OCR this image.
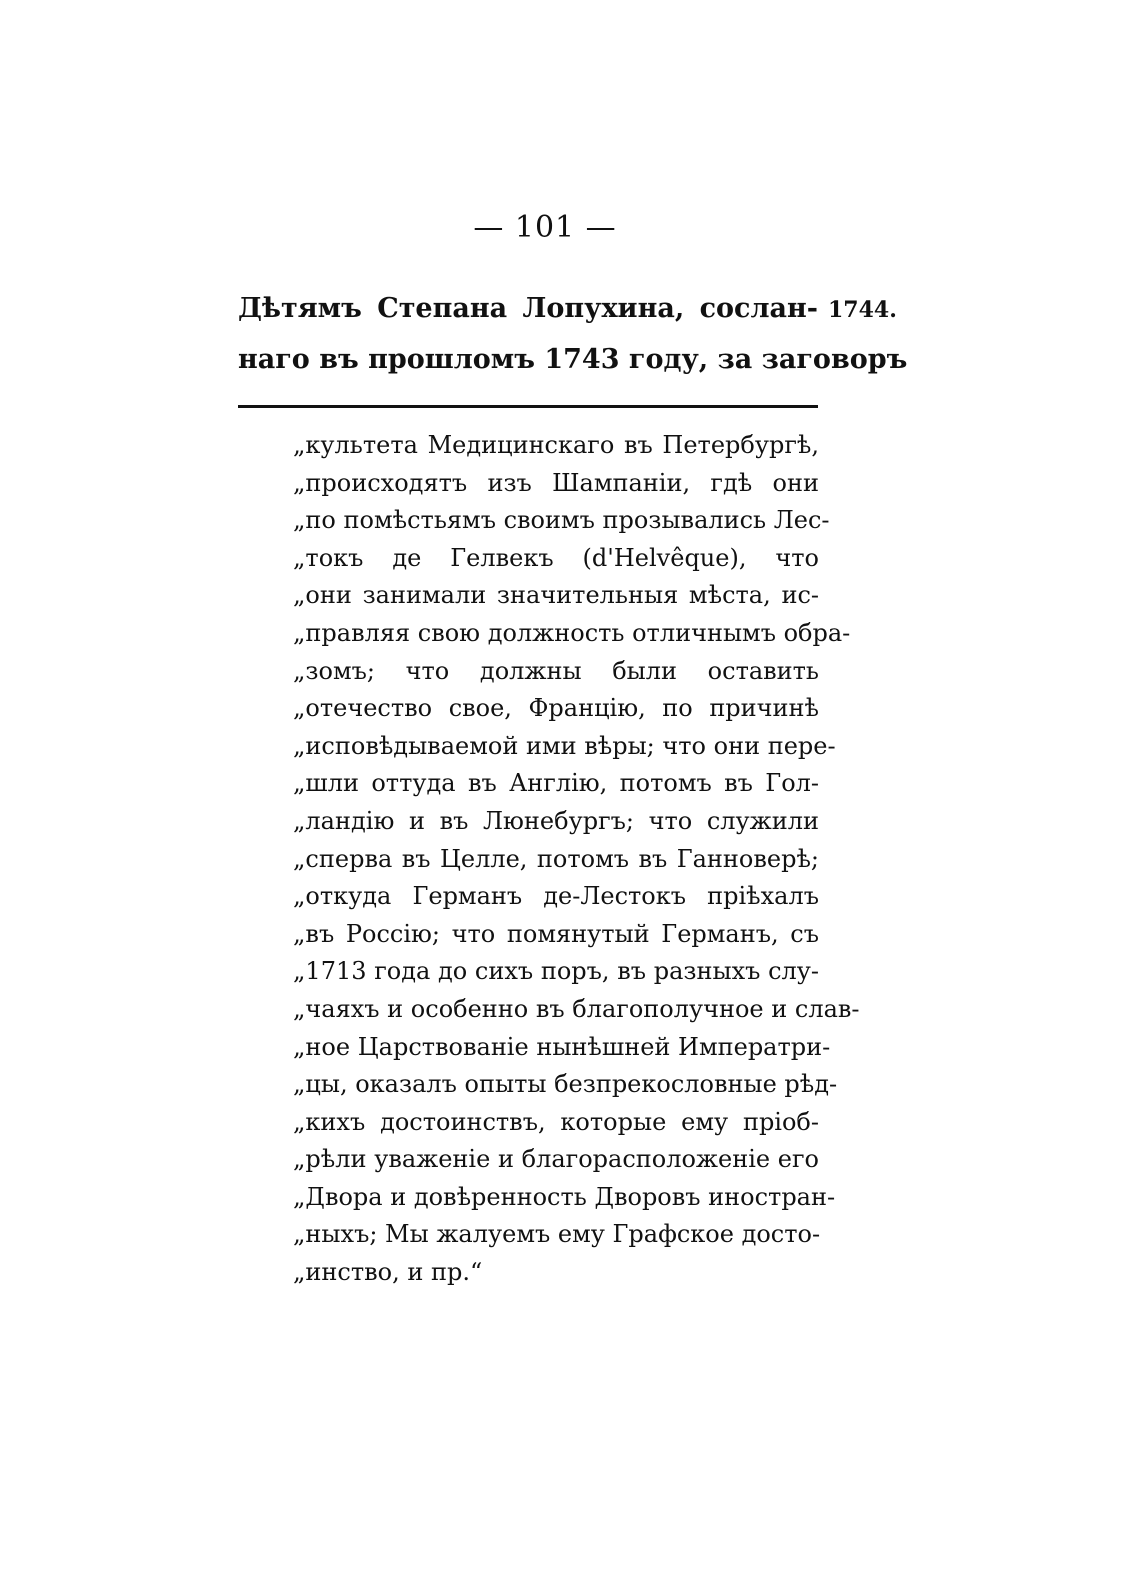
— 101 —
Дѣтямъ Степана Лопухина, сослан-
наго въ прошломъ 1743 году, за заговоръ
1744.
„культета Медицинскаго въ Петербургѣ,
„происходятъ изъ Шампаніи, гдѣ они
„по помѣстьямъ своимъ прозывались Лес-
„токъ де Гелвекъ (d'Helvêque), что
„они занимали значительныя мѣста, ис-
„правляя свою должность отличнымъ обра-
„зомъ; что должны были оставить
„отечество свое, Францію, по причинѣ
„исповѣдываемой ими вѣры; что они пере-
„шли оттуда въ Англію, потомъ въ Гол-
„ландію и въ Люнебургъ; что служили
„сперва въ Целле, потомъ въ Ганноверѣ;
„откуда Германъ де-Лестокъ пріѣхалъ
„въ Россію; что помянутый Германъ, съ
„1713 года до сихъ поръ, въ разныхъ слу-
„чаяхъ и особенно въ благополучное и слав-
„ное Царствованіе нынѣшней Императри-
„цы, оказалъ опыты безпрекословные рѣд-
„кихъ достоинствъ, которые ему пріоб-
„рѣли уваженіе и благорасположеніе его
„Двора и довѣренность Дворовъ иностран-
„ныхъ; Мы жалуемъ ему Графское досто-
„инство, и пр.“
